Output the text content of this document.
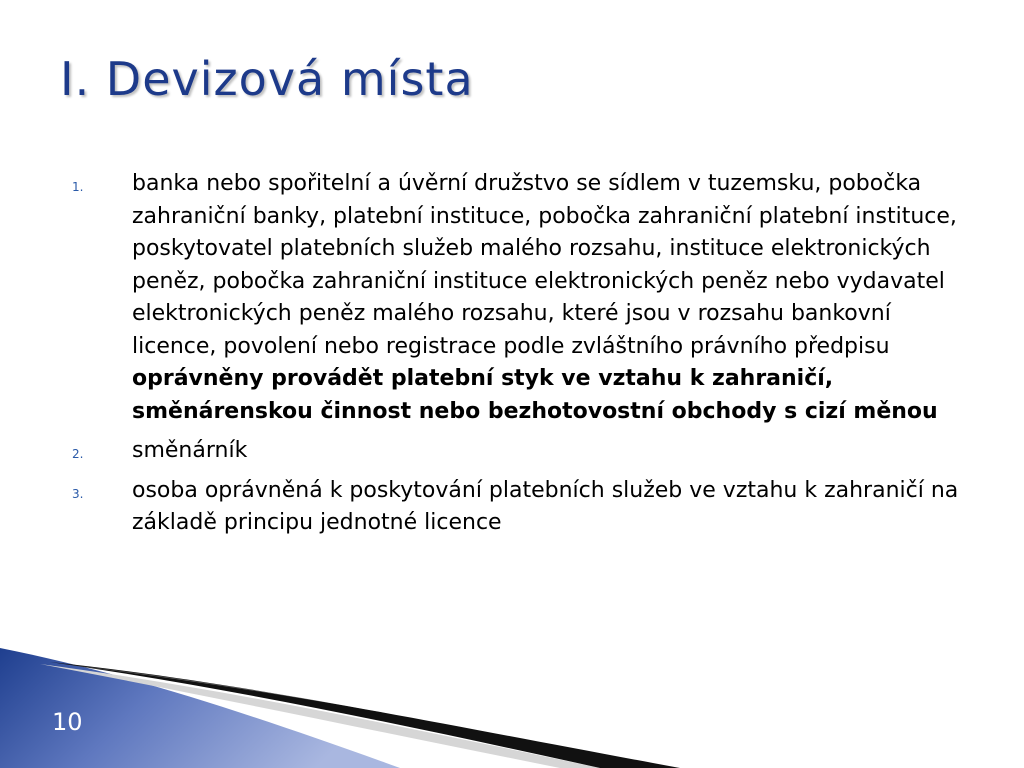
I. Devizová místa
1. banka nebo spořitelní a úvěrní družstvo se sídlem v tuzemsku, pobočka zahraniční banky, platební instituce, pobočka zahraniční platební instituce, poskytovatel platebních služeb malého rozsahu, instituce elektronických peněz, pobočka zahraniční instituce elektronických peněz nebo vydavatel elektronických peněz malého rozsahu, které jsou v rozsahu bankovní licence, povolení nebo registrace podle zvláštního právního předpisu oprávněny provádět platební styk ve vztahu k zahraničí, směnárenskou činnost nebo bezhotovostní obchody s cizí měnou
2. směnárník
3. osoba oprávněná k poskytování platebních služeb ve vztahu k zahraničí na základě principu jednotné licence
10
